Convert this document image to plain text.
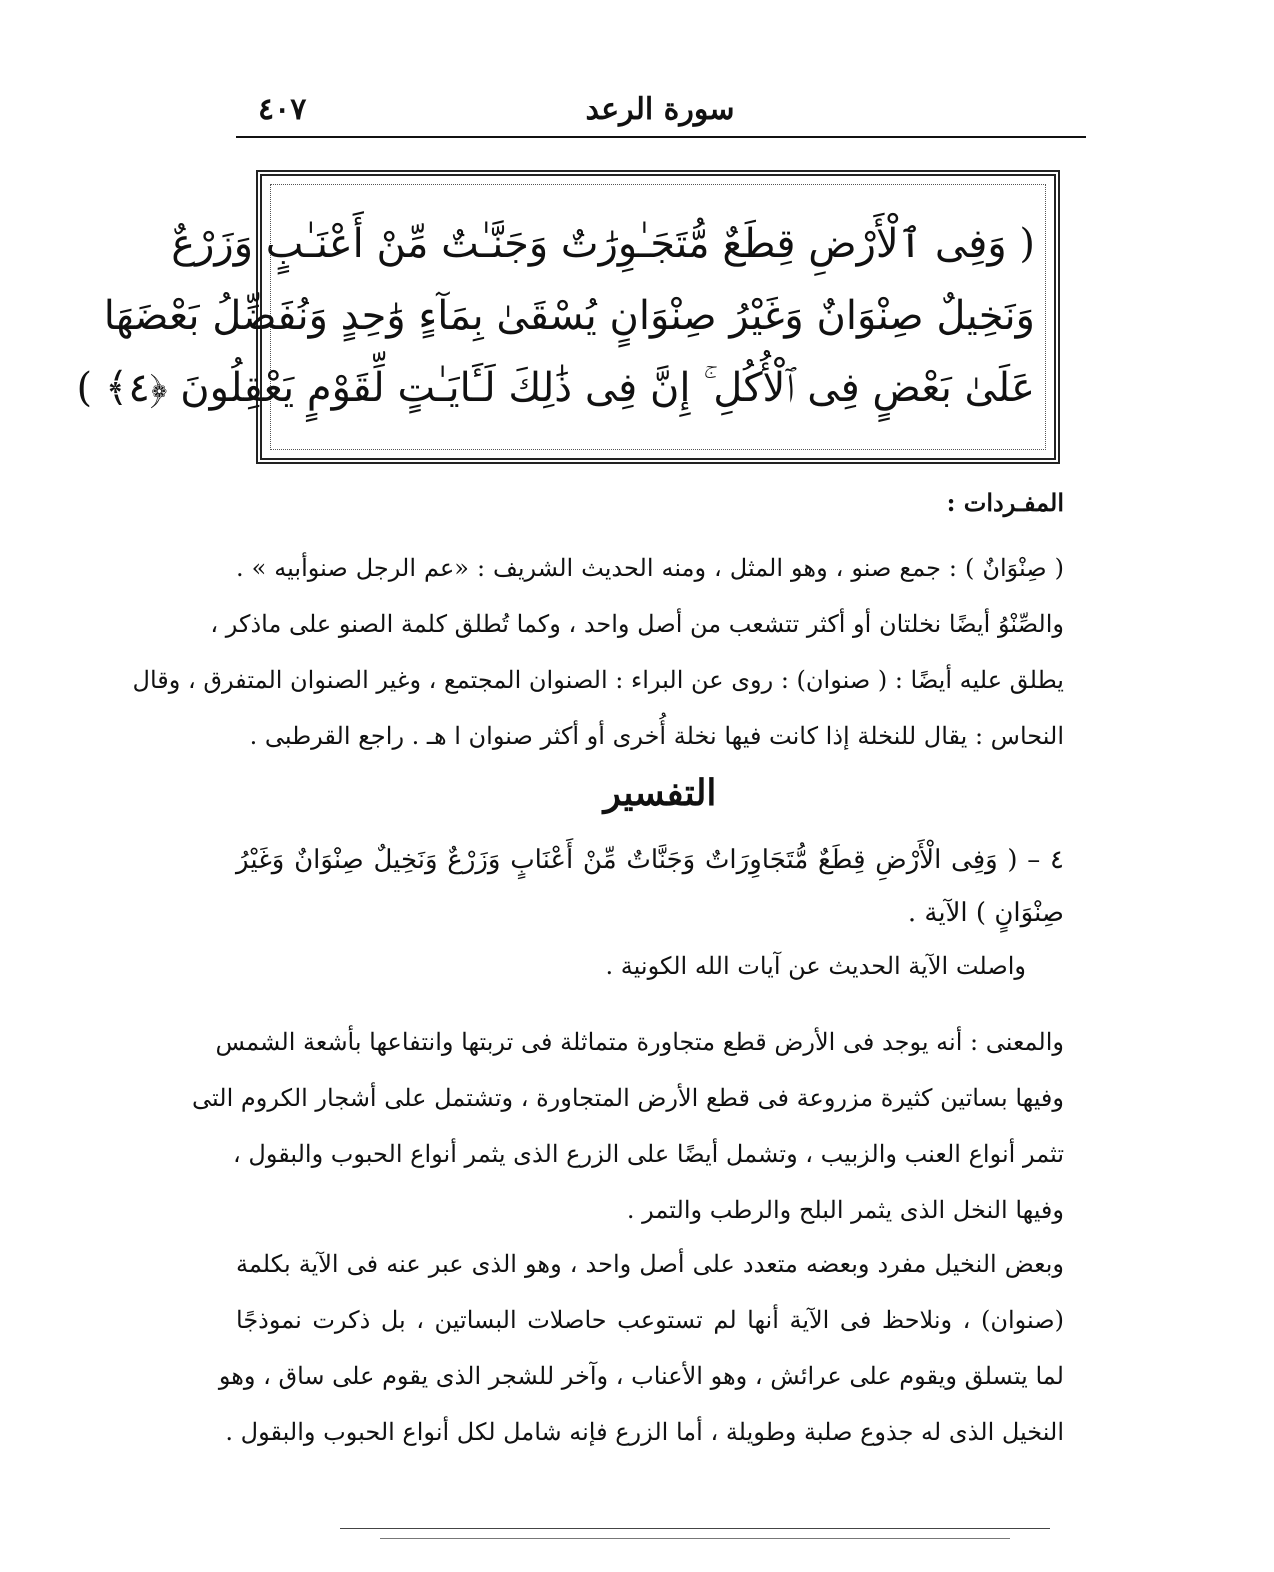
٤٠٧	سورة الرعد
( وَفِى ٱلْأَرْضِ قِطَعٌ مُّتَجَـٰوِرَٰتٌ وَجَنَّـٰتٌ مِّنْ أَعْنَـٰبٍ وَزَرْعٌ
وَنَخِيلٌ صِنْوَانٌ وَغَيْرُ صِنْوَانٍ يُسْقَىٰ بِمَآءٍ وَٰحِدٍ وَنُفَضِّلُ بَعْضَهَا
عَلَىٰ بَعْضٍ فِى ٱلْأُكُلِ ۚ إِنَّ فِى ذَٰلِكَ لَـَٔايَـٰتٍ لِّقَوْمٍ يَعْقِلُونَ ﴿٤﴾ )
المفـردات :
( صِنْوَانٌ ) : جمع صنو ، وهو المثل ، ومنه الحديث الشريف : «عم الرجل صنوأبيه » .
والصِّنْوُ أيضًا نخلتان أو أكثر تتشعب من أصل واحد ، وكما تُطلق كلمة الصنو على ماذكر ،
يطلق عليه أيضًا : ( صنوان) : روى عن البراء : الصنوان المجتمع ، وغير الصنوان المتفرق ، وقال
النحاس : يقال للنخلة إذا كانت فيها نخلة أُخرى أو أكثر صنوان ا هـ . راجع القرطبى .
التفسير
٤ – ( وَفِى الْأَرْضِ قِطَعٌ مُّتَجَاوِرَاتٌ وَجَنَّاتٌ مِّنْ أَعْنَابٍ وَزَرْعٌ وَنَخِيلٌ صِنْوَانٌ وَغَيْرُ
صِنْوَانٍ ) الآية .
واصلت الآية الحديث عن آيات الله الكونية .
والمعنى : أنه يوجد فى الأرض قطع متجاورة متماثلة فى تربتها وانتفاعها بأشعة الشمس
وفيها بساتين كثيرة مزروعة فى قطع الأرض المتجاورة ، وتشتمل على أشجار الكروم التى
تثمر أنواع العنب والزبيب ، وتشمل أيضًا على الزرع الذى يثمر أنواع الحبوب والبقول ،
وفيها النخل الذى يثمر البلح والرطب والتمر .
وبعض النخيل مفرد وبعضه متعدد على أصل واحد ، وهو الذى عبر عنه فى الآية بكلمة
(صنوان) ، ونلاحظ فى الآية أنها لم تستوعب حاصلات البساتين ، بل ذكرت نموذجًا
لما يتسلق ويقوم على عرائش ، وهو الأعناب ، وآخر للشجر الذى يقوم على ساق ، وهو
النخيل الذى له جذوع صلبة وطويلة ، أما الزرع فإنه شامل لكل أنواع الحبوب والبقول .
